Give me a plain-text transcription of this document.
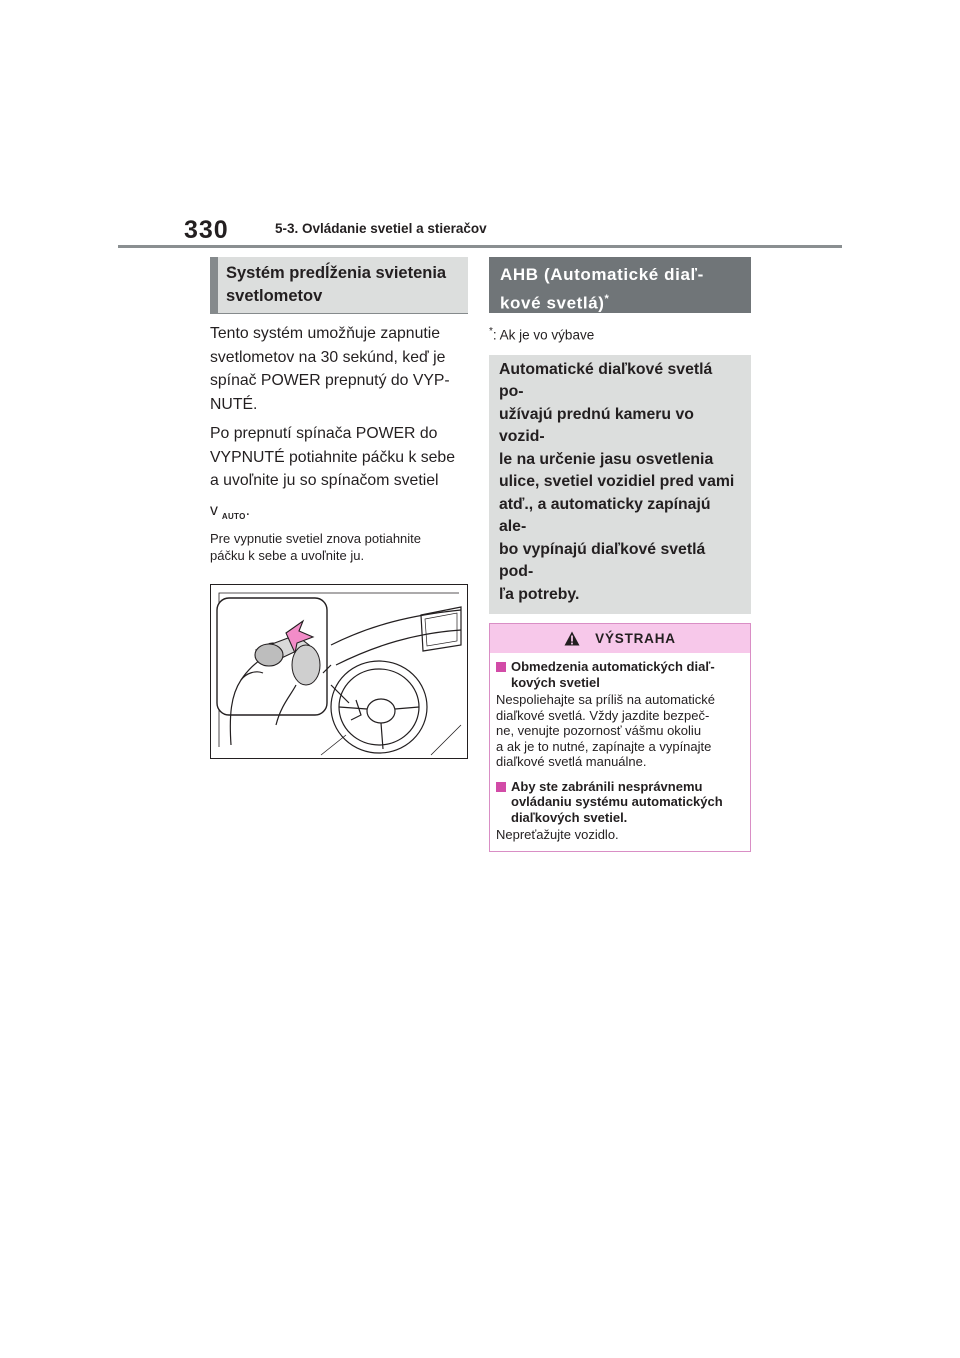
330	5-3. Ovládanie svetiel a stieračov
Systém predĺženia svietenia
svetlometov
Tento systém umožňuje zapnutie
svetlometov na 30 sekúnd, keď je
spínač POWER prepnutý do VYP-
NUTÉ.
Po prepnutí spínača POWER do
VYPNUTÉ potiahnite páčku k sebe
a uvoľnite ju so spínačom svetiel
v AUTO .
Pre vypnutie svetiel znova potiahnite
páčku k sebe a uvoľnite ju.
AHB (Automatické diaľ-
kové svetlá)*
*: Ak je vo výbave
Automatické diaľkové svetlá po-
užívajú prednú kameru vo vozid-
le na určenie jasu osvetlenia
ulice, svetiel vozidiel pred vami
atď., a automaticky zapínajú ale-
bo vypínajú diaľkové svetlá pod-
ľa potreby.
VÝSTRAHA
Obmedzenia automatických diaľ-
kových svetiel
Nespoliehajte sa príliš na automatické
diaľkové svetlá. Vždy jazdite bezpeč-
ne, venujte pozornosť vášmu okoliu
a ak je to nutné, zapínajte a vypínajte
diaľkové svetlá manuálne.
Aby ste zabránili nesprávnemu
ovládaniu systému automatických
diaľkových svetiel.
Nepreťažujte vozidlo.
